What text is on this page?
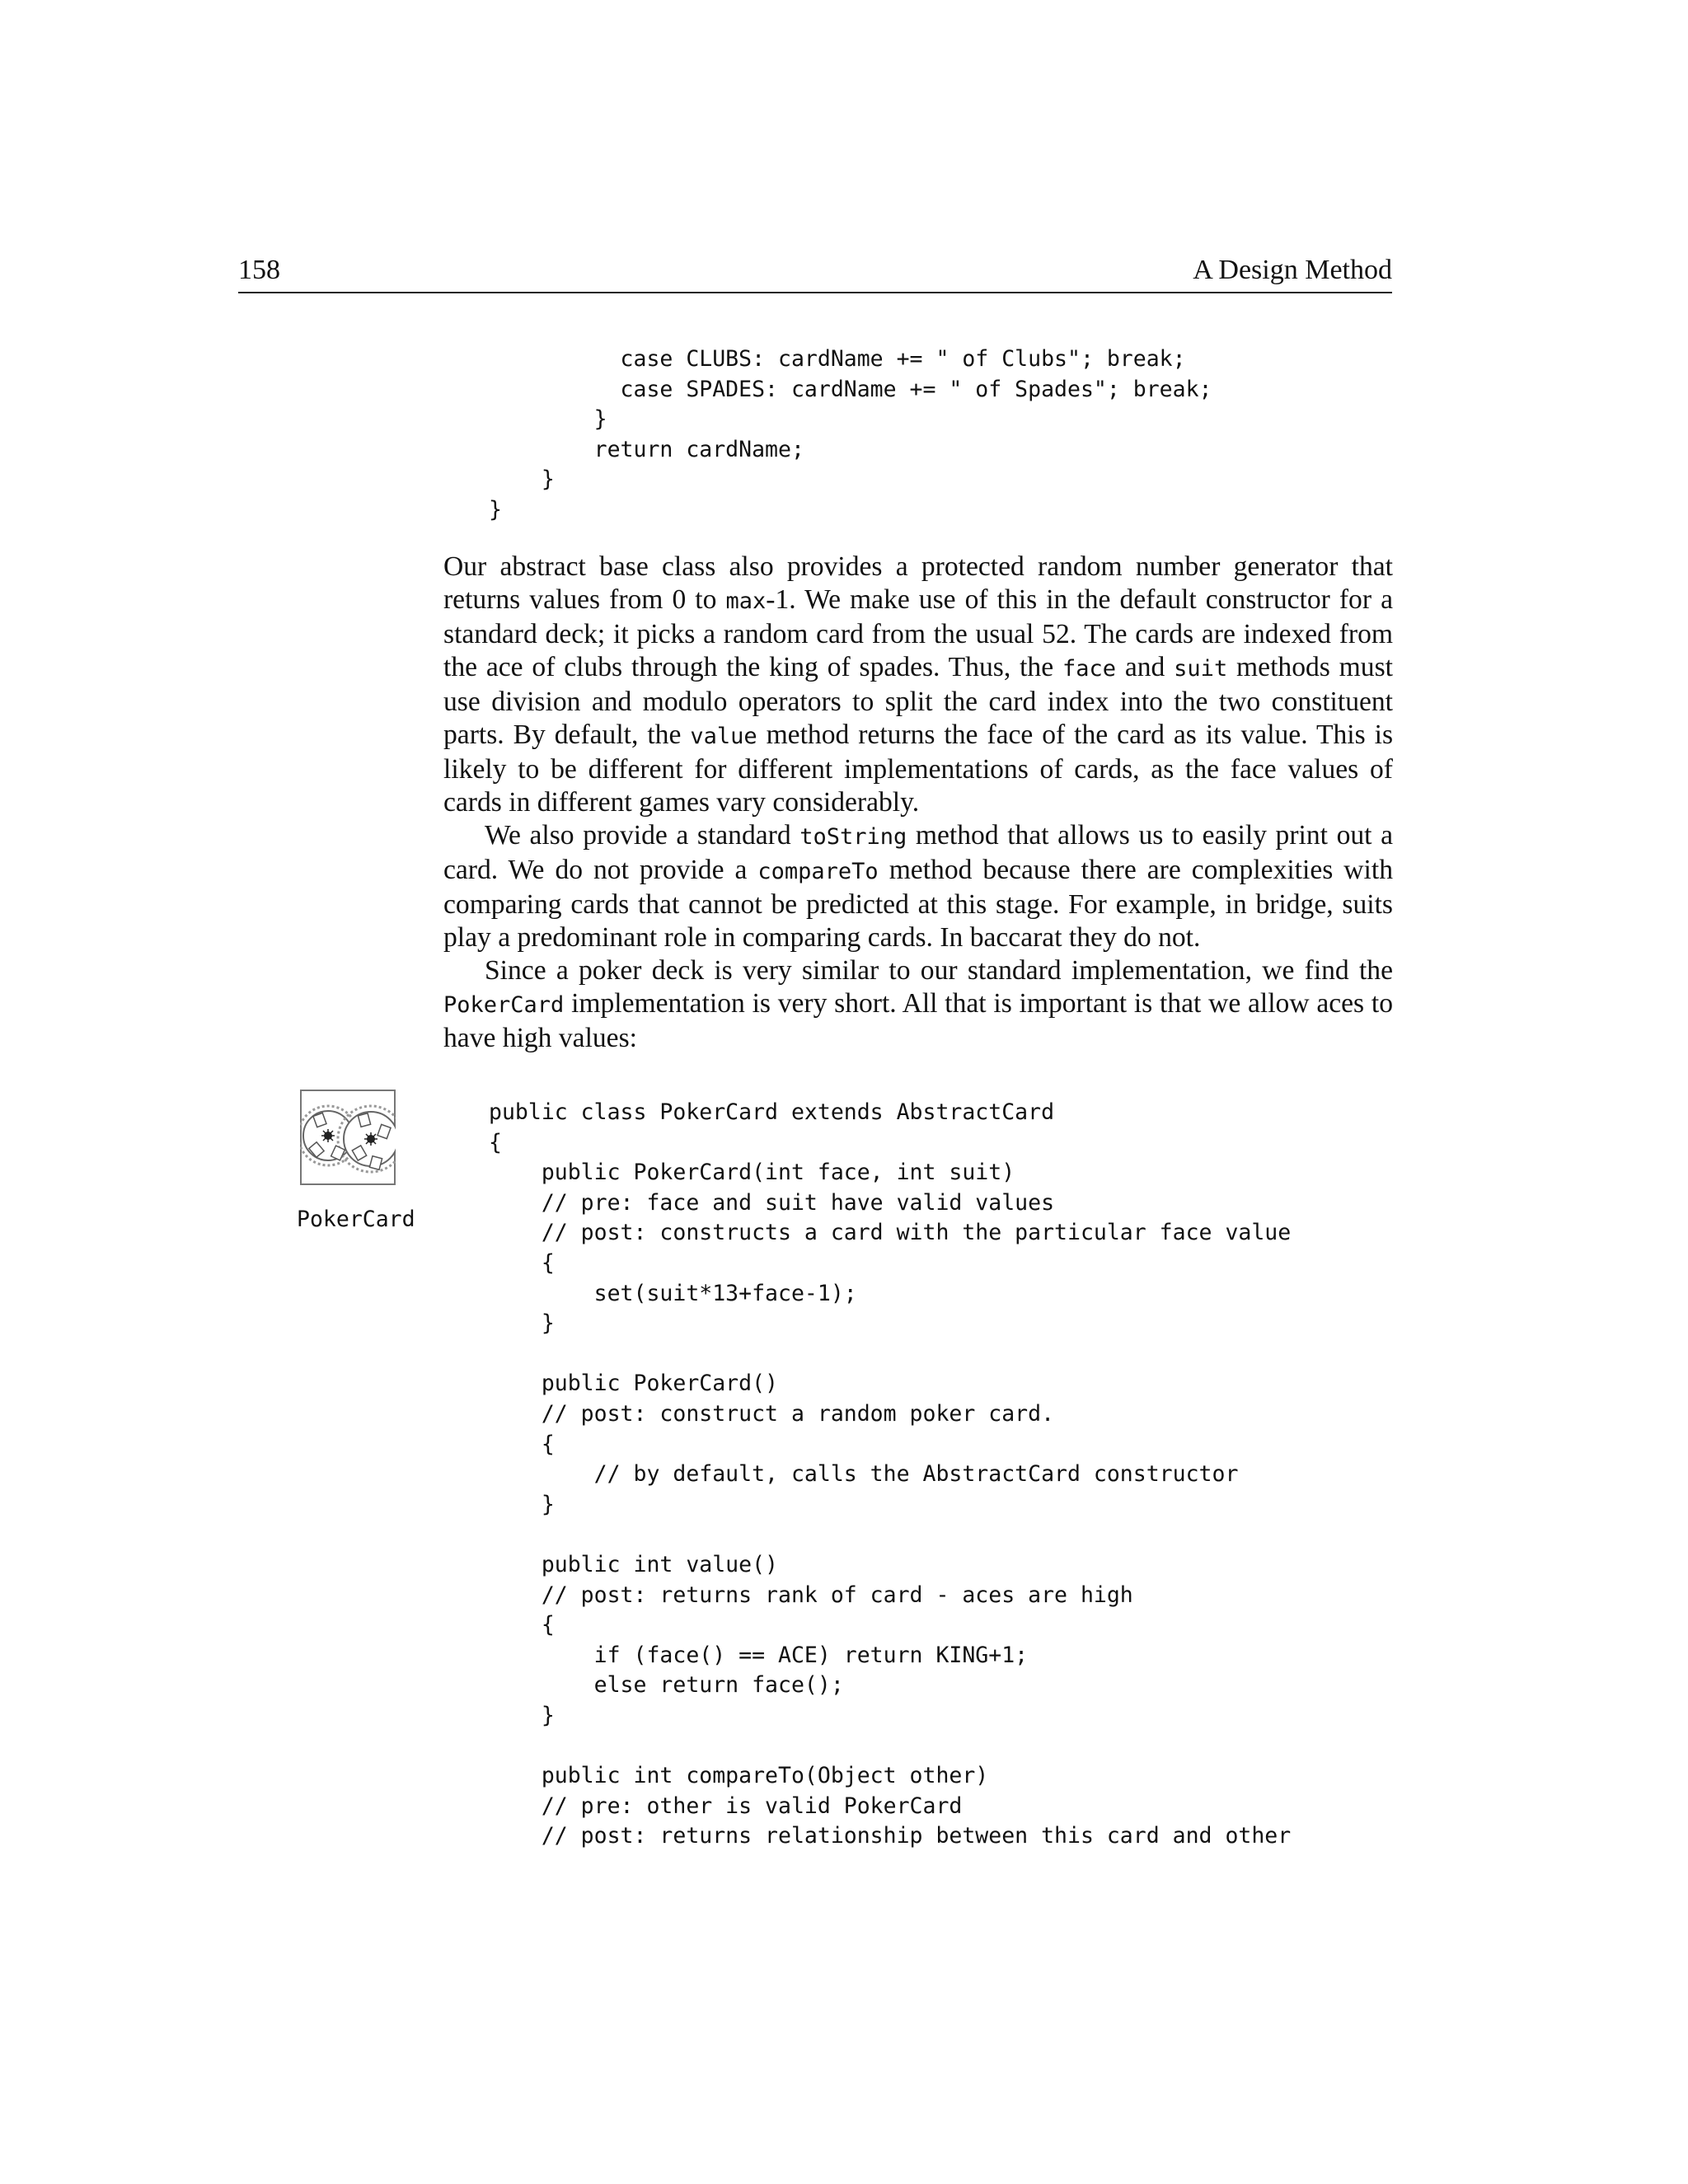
158	A Design Method
case CLUBS: cardName += " of Clubs"; break;
case SPADES: cardName += " of Spades"; break;
}
return cardName;
}
}

Our abstract base class also provides a protected random number generator that returns values from 0 to max-1. We make use of this in the default constructor for a standard deck; it picks a random card from the usual 52. The cards are indexed from the ace of clubs through the king of spades. Thus, the face and suit methods must use division and modulo operators to split the card index into the two constituent parts. By default, the value method returns the face of the card as its value. This is likely to be different for different implementations of cards, as the face values of cards in different games vary considerably.

We also provide a standard toString method that allows us to easily print out a card. We do not provide a compareTo method because there are complexities with comparing cards that cannot be predicted at this stage. For example, in bridge, suits play a predominant role in comparing cards. In baccarat they do not.

Since a poker deck is very similar to our standard implementation, we find the PokerCard implementation is very short. All that is important is that we allow aces to have high values:

PokerCard
public class PokerCard extends AbstractCard
{
public PokerCard(int face, int suit)
// pre: face and suit have valid values
// post: constructs a card with the particular face value
{
set(suit*13+face-1);
}
public PokerCard()
// post: construct a random poker card.
{
// by default, calls the AbstractCard constructor
}
public int value()
// post: returns rank of card - aces are high
{
if (face() == ACE) return KING+1;
else return face();
}
public int compareTo(Object other)
// pre: other is valid PokerCard
// post: returns relationship between this card and other
